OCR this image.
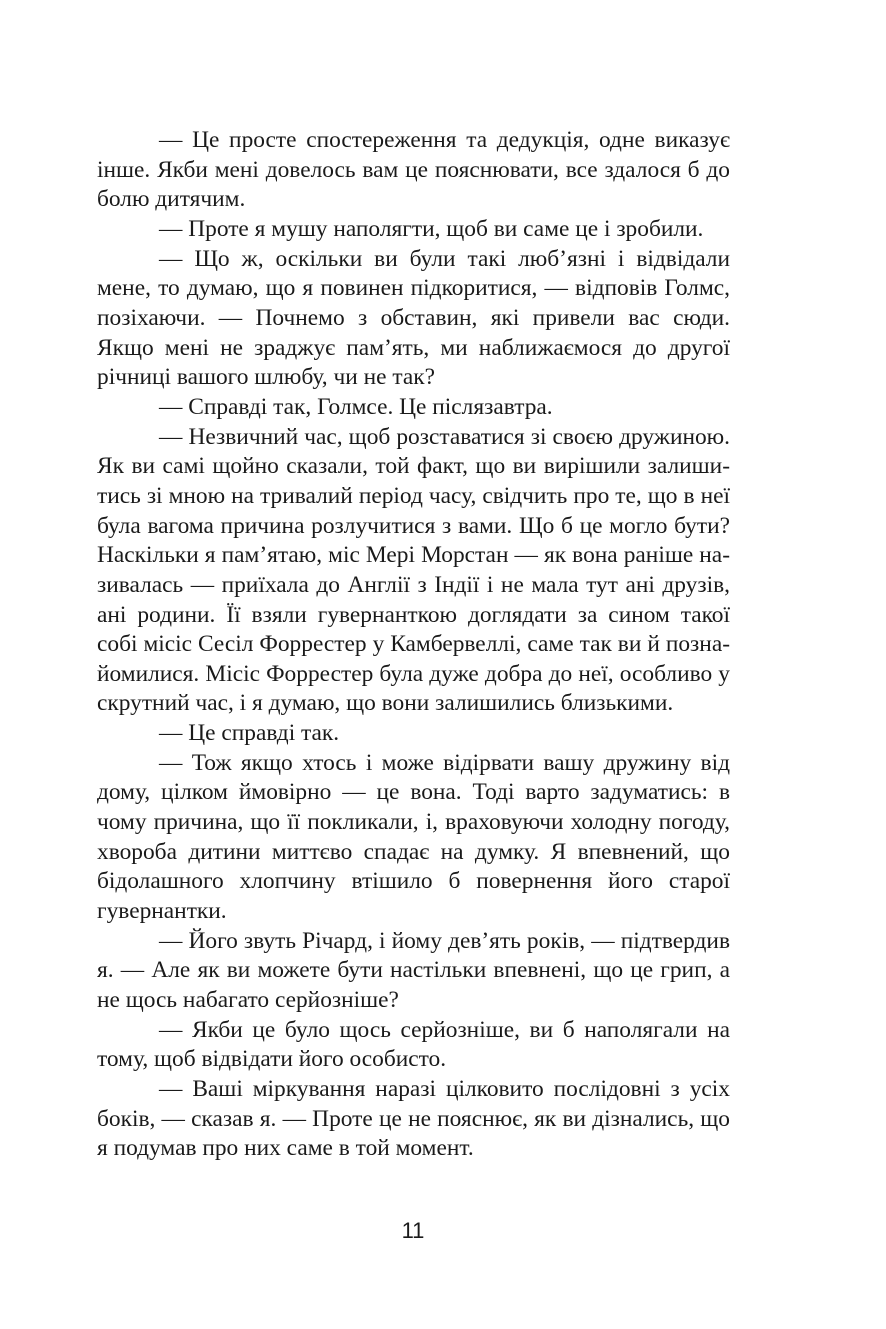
— Це просте спостереження та дедукція, одне виказує інше. Якби мені довелось вам це пояснювати, все здалося б до болю дитячим.

— Проте я мушу наполягти, щоб ви саме це і зробили.

— Що ж, оскільки ви були такі люб’язні і відвідали мене, то думаю, що я повинен підкоритися, — відповів Голмс, позіхаючи. — Почнемо з обставин, які привели вас сюди. Якщо мені не зраджує пам’ять, ми наближаємося до другої річниці вашого шлюбу, чи не так?

— Справді так, Голмсе. Це післязавтра.

— Незвичний час, щоб розставатися зі своєю дружиною. Як ви самі щойно сказали, той факт, що ви вирішили залишитись зі мною на тривалий період часу, свідчить про те, що в неї була вагома причина розлучитися з вами. Що б це могло бути? Наскільки я пам’ятаю, міс Мері Морстан — як вона раніше називалась — приїхала до Англії з Індії і не мала тут ані друзів, ані родини. Її взяли гувернанткою доглядати за сином такої собі місіс Сесіл Форрестер у Камбервеллі, саме так ви й познайомилися. Місіс Форрестер була дуже добра до неї, особливо у скрутний час, і я думаю, що вони залишились близькими.

— Це справді так.

— Тож якщо хтось і може відірвати вашу дружину від дому, цілком ймовірно — це вона. Тоді варто задуматись: в чому причина, що її покликали, і, враховуючи холодну погоду, хвороба дитини миттєво спадає на думку. Я впевнений, що бідолашного хлопчину втішило б повернення його старої гувернантки.

— Його звуть Річард, і йому дев’ять років, — підтвердив я. — Але як ви можете бути настільки впевнені, що це грип, а не щось набагато серйозніше?

— Якби це було щось серйозніше, ви б наполягали на тому, щоб відвідати його особисто.

— Ваші міркування наразі цілковито послідовні з усіх боків, — сказав я. — Проте це не пояснює, як ви дізнались, що я подумав про них саме в той момент.

11
